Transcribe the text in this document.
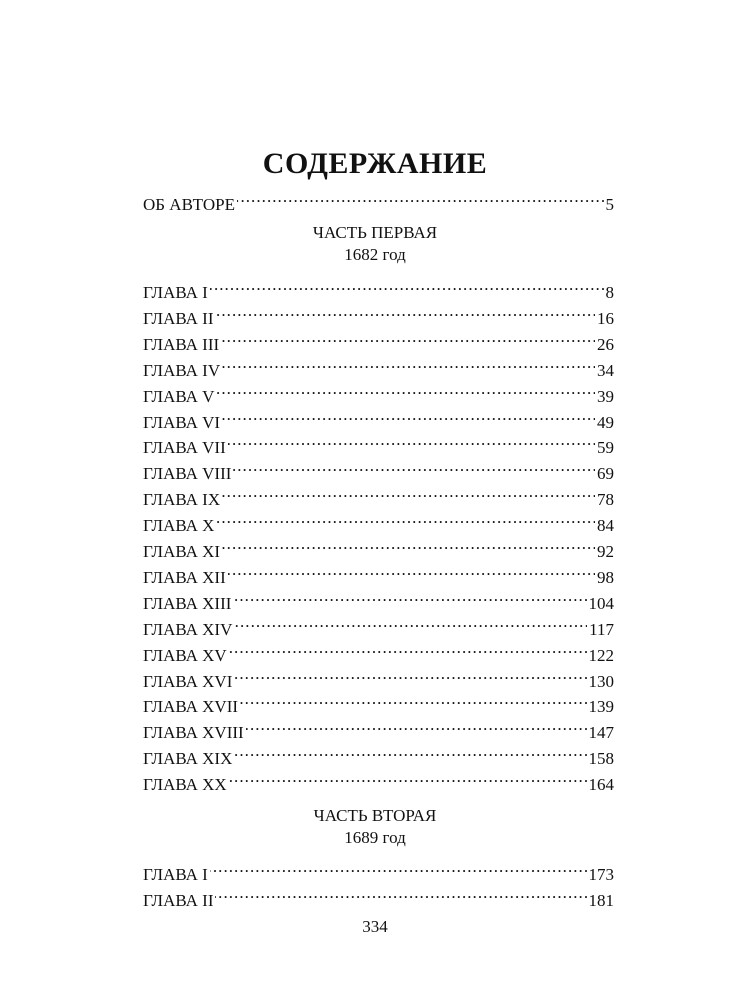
СОДЕРЖАНИЕ
ОБ АВТОРЕ . . .	5
ЧАСТЬ ПЕРВАЯ
1682 год
ГЛАВА I . . .	8
ГЛАВА II . . .	16
ГЛАВА III . . .	26
ГЛАВА IV . . .	34
ГЛАВА V . . .	39
ГЛАВА VI . . .	49
ГЛАВА VII . . .	59
ГЛАВА VIII . . .	69
ГЛАВА IX . . .	78
ГЛАВА X . . .	84
ГЛАВА XI . . .	92
ГЛАВА XII . . .	98
ГЛАВА XIII . . .	104
ГЛАВА XIV . . .	117
ГЛАВА XV . . .	122
ГЛАВА XVI . . .	130
ГЛАВА XVII . . .	139
ГЛАВА XVIII . . .	147
ГЛАВА XIX . . .	158
ГЛАВА XX . . .	164
ЧАСТЬ ВТОРАЯ
1689 год
ГЛАВА I . . .	173
ГЛАВА II . . .	181
334
